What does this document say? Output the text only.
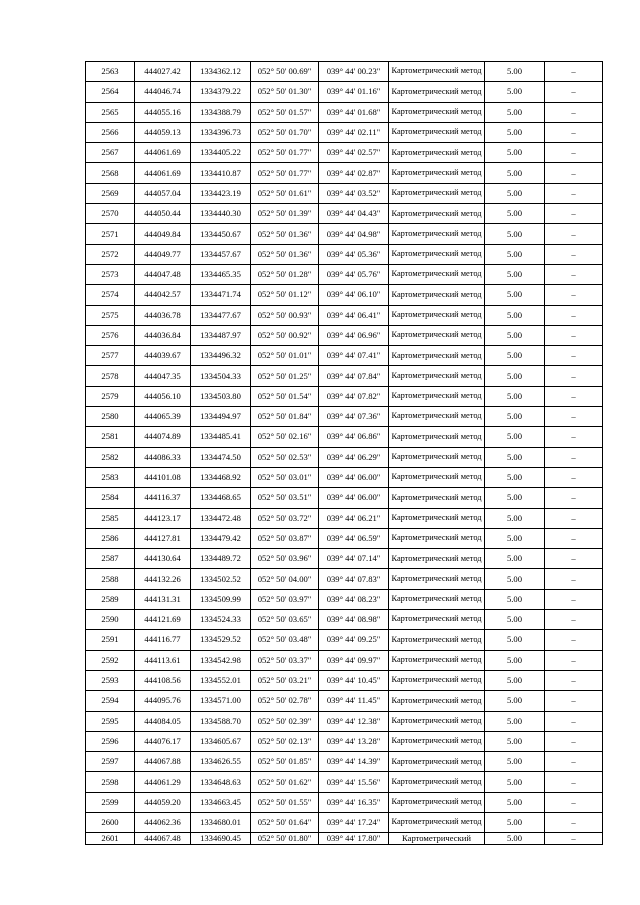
2563	444027.42	1334362.12	052° 50' 00.69"	039° 44' 00.23"	Картометрический метод	5.00	–
2564	444046.74	1334379.22	052° 50' 01.30"	039° 44' 01.16"	Картометрический метод	5.00	–
2565	444055.16	1334388.79	052° 50' 01.57"	039° 44' 01.68"	Картометрический метод	5.00	–
2566	444059.13	1334396.73	052° 50' 01.70"	039° 44' 02.11"	Картометрический метод	5.00	–
2567	444061.69	1334405.22	052° 50' 01.77"	039° 44' 02.57"	Картометрический метод	5.00	–
2568	444061.69	1334410.87	052° 50' 01.77"	039° 44' 02.87"	Картометрический метод	5.00	–
2569	444057.04	1334423.19	052° 50' 01.61"	039° 44' 03.52"	Картометрический метод	5.00	–
2570	444050.44	1334440.30	052° 50' 01.39"	039° 44' 04.43"	Картометрический метод	5.00	–
2571	444049.84	1334450.67	052° 50' 01.36"	039° 44' 04.98"	Картометрический метод	5.00	–
2572	444049.77	1334457.67	052° 50' 01.36"	039° 44' 05.36"	Картометрический метод	5.00	–
2573	444047.48	1334465.35	052° 50' 01.28"	039° 44' 05.76"	Картометрический метод	5.00	–
2574	444042.57	1334471.74	052° 50' 01.12"	039° 44' 06.10"	Картометрический метод	5.00	–
2575	444036.78	1334477.67	052° 50' 00.93"	039° 44' 06.41"	Картометрический метод	5.00	–
2576	444036.84	1334487.97	052° 50' 00.92"	039° 44' 06.96"	Картометрический метод	5.00	–
2577	444039.67	1334496.32	052° 50' 01.01"	039° 44' 07.41"	Картометрический метод	5.00	–
2578	444047.35	1334504.33	052° 50' 01.25"	039° 44' 07.84"	Картометрический метод	5.00	–
2579	444056.10	1334503.80	052° 50' 01.54"	039° 44' 07.82"	Картометрический метод	5.00	–
2580	444065.39	1334494.97	052° 50' 01.84"	039° 44' 07.36"	Картометрический метод	5.00	–
2581	444074.89	1334485.41	052° 50' 02.16"	039° 44' 06.86"	Картометрический метод	5.00	–
2582	444086.33	1334474.50	052° 50' 02.53"	039° 44' 06.29"	Картометрический метод	5.00	–
2583	444101.08	1334468.92	052° 50' 03.01"	039° 44' 06.00"	Картометрический метод	5.00	–
2584	444116.37	1334468.65	052° 50' 03.51"	039° 44' 06.00"	Картометрический метод	5.00	–
2585	444123.17	1334472.48	052° 50' 03.72"	039° 44' 06.21"	Картометрический метод	5.00	–
2586	444127.81	1334479.42	052° 50' 03.87"	039° 44' 06.59"	Картометрический метод	5.00	–
2587	444130.64	1334489.72	052° 50' 03.96"	039° 44' 07.14"	Картометрический метод	5.00	–
2588	444132.26	1334502.52	052° 50' 04.00"	039° 44' 07.83"	Картометрический метод	5.00	–
2589	444131.31	1334509.99	052° 50' 03.97"	039° 44' 08.23"	Картометрический метод	5.00	–
2590	444121.69	1334524.33	052° 50' 03.65"	039° 44' 08.98"	Картометрический метод	5.00	–
2591	444116.77	1334529.52	052° 50' 03.48"	039° 44' 09.25"	Картометрический метод	5.00	–
2592	444113.61	1334542.98	052° 50' 03.37"	039° 44' 09.97"	Картометрический метод	5.00	–
2593	444108.56	1334552.01	052° 50' 03.21"	039° 44' 10.45"	Картометрический метод	5.00	–
2594	444095.76	1334571.00	052° 50' 02.78"	039° 44' 11.45"	Картометрический метод	5.00	–
2595	444084.05	1334588.70	052° 50' 02.39"	039° 44' 12.38"	Картометрический метод	5.00	–
2596	444076.17	1334605.67	052° 50' 02.13"	039° 44' 13.28"	Картометрический метод	5.00	–
2597	444067.88	1334626.55	052° 50' 01.85"	039° 44' 14.39"	Картометрический метод	5.00	–
2598	444061.29	1334648.63	052° 50' 01.62"	039° 44' 15.56"	Картометрический метод	5.00	–
2599	444059.20	1334663.45	052° 50' 01.55"	039° 44' 16.35"	Картометрический метод	5.00	–
2600	444062.36	1334680.01	052° 50' 01.64"	039° 44' 17.24"	Картометрический метод	5.00	–
2601	444067.48	1334690.45	052° 50' 01.80"	039° 44' 17.80"	Картометрический	5.00	–
